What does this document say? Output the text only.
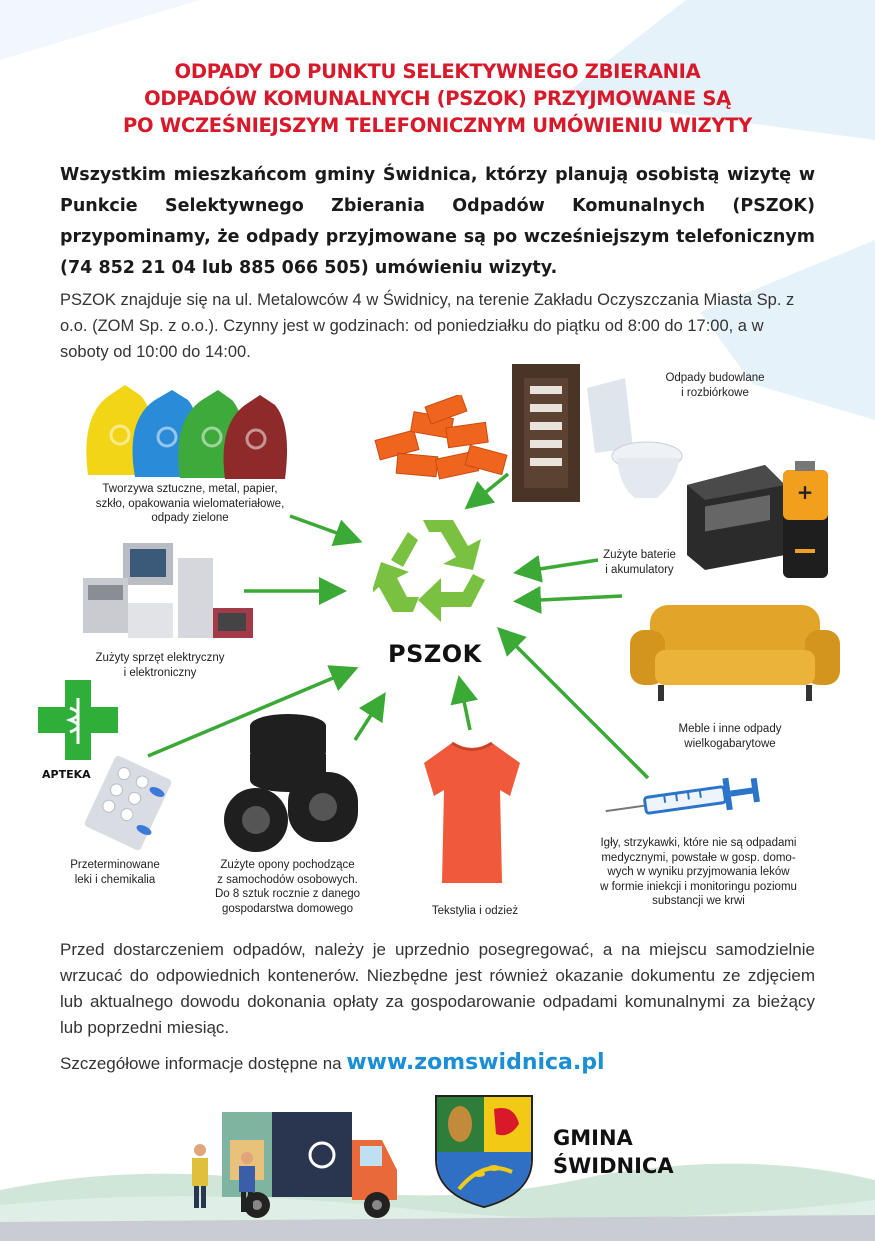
ODPADY DO PUNKTU SELEKTYWNEGO ZBIERANIA
ODPADÓW KOMUNALNYCH (PSZOK) PRZYJMOWANE SĄ
PO WCZEŚNIEJSZYM TELEFONICZNYM UMÓWIENIU WIZYTY

Wszystkim mieszkańcom gminy Świdnica, którzy planują osobistą wizytę w Punkcie Selektywnego Zbierania Odpadów Komunalnych (PSZOK) przypominamy, że odpady przyjmowane są po wcześniejszym telefonicznym (74 852 21 04 lub 885 066 505) umówieniu wizyty.

PSZOK znajduje się na ul. Metalowców 4 w Świdnicy, na terenie Zakładu Oczyszczania Miasta Sp. z o.o. (ZOM Sp. z o.o.). Czynny jest w godzinach: od poniedziałku do piątku od 8:00 do 17:00, a w soboty od 10:00 do 14:00.

Odpady budowlane
i rozbiórkowe
Tworzywa sztuczne, metal, papier,
szkło, opakowania wielomateriałowe,
odpady zielone
+
Zużyte baterie
i akumulatory
Zużyty sprzęt elektryczny
i elektroniczny
PSZOK
Meble i inne odpady
wielkogabarytowe
APTEKA
Przeterminowane
leki i chemikalia
Zużyte opony pochodzące
z samochodów osobowych.
Do 8 sztuk rocznie z danego
gospodarstwa domowego	Tekstylia i odzież
Igły, strzykawki, które nie są odpadami
medycznymi, powstałe w gosp. domo-
wych w wyniku przyjmowania leków
w formie iniekcji i monitoringu poziomu
substancji we krwi

Przed dostarczeniem odpadów, należy je uprzednio posegregować, a na miejscu samodzielnie wrzucać do odpowiednich kontenerów. Niezbędne jest również okazanie dokumentu ze zdjęciem lub aktualnego dowodu dokonania opłaty za gospodarowanie odpadami komunalnymi za bieżący lub poprzedni miesiąc.

Szczegółowe informacje dostępne na www.zomswidnica.pl
GMINA
ŚWIDNICA
